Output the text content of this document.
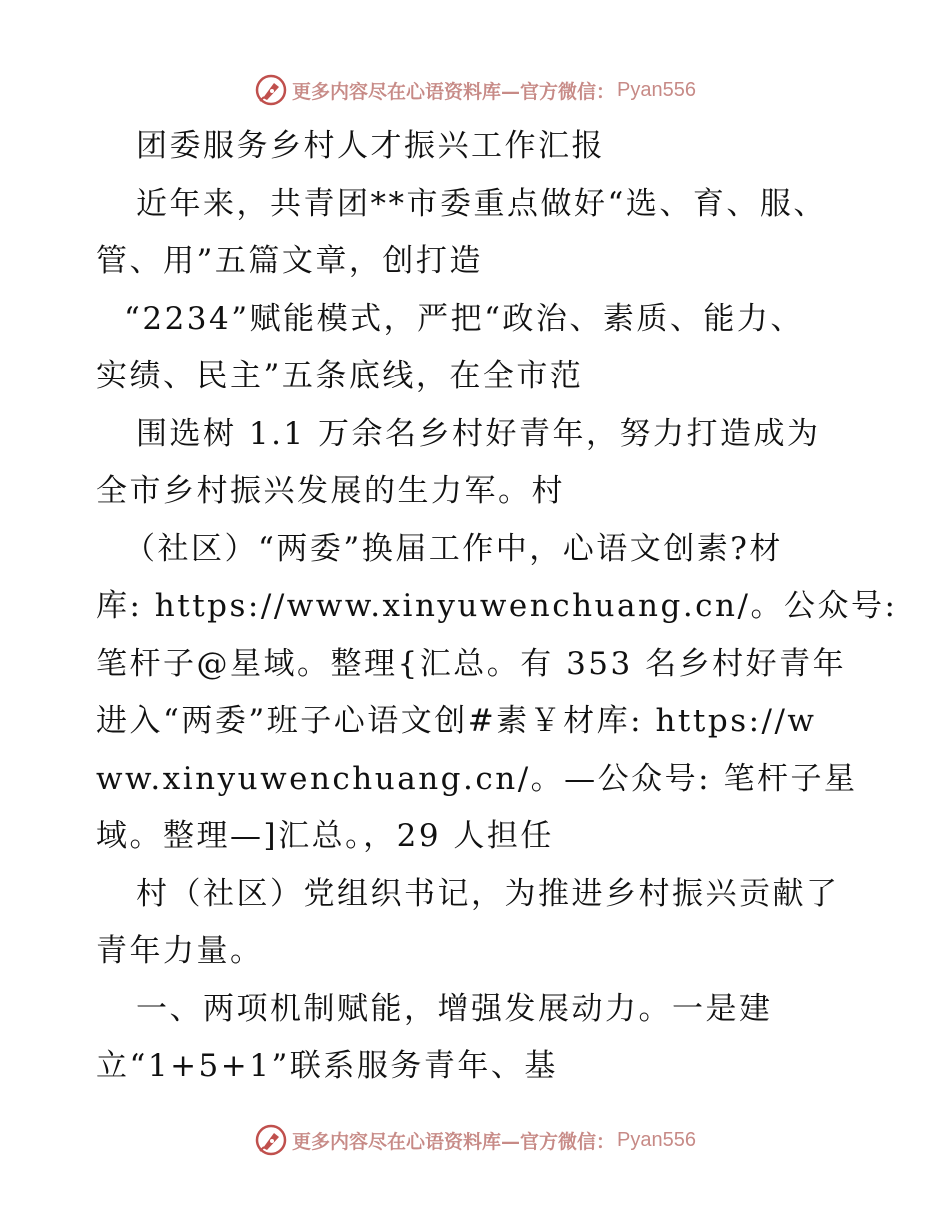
更多内容尽在心语资料库—官方微信： Pyan556
团委服务乡村人才振兴工作汇报
近年来，共青团**市委重点做好“选、育、服、
管、用”五篇文章，创打造
“2234”赋能模式，严把“政治、素质、能力、
实绩、民主”五条底线，在全市范
围选树 1.1 万余名乡村好青年，努力打造成为
全市乡村振兴发展的生力军。村
（社区）“两委”换届工作中，心语文创素?材
库: https://www.xinyuwenchuang.cn/。公众号:
笔杆子@星域。整理{汇总。有 353 名乡村好青年
进入“两委”班子心语文创#素￥材库: https://w
ww.xinyuwenchuang.cn/。—公众号: 笔杆子星
域。整理—]汇总。，29 人担任
村（社区）党组织书记，为推进乡村振兴贡献了
青年力量。
一、两项机制赋能，增强发展动力。一是建
立“1+5+1”联系服务青年、基
更多内容尽在心语资料库—官方微信： Pyan556
